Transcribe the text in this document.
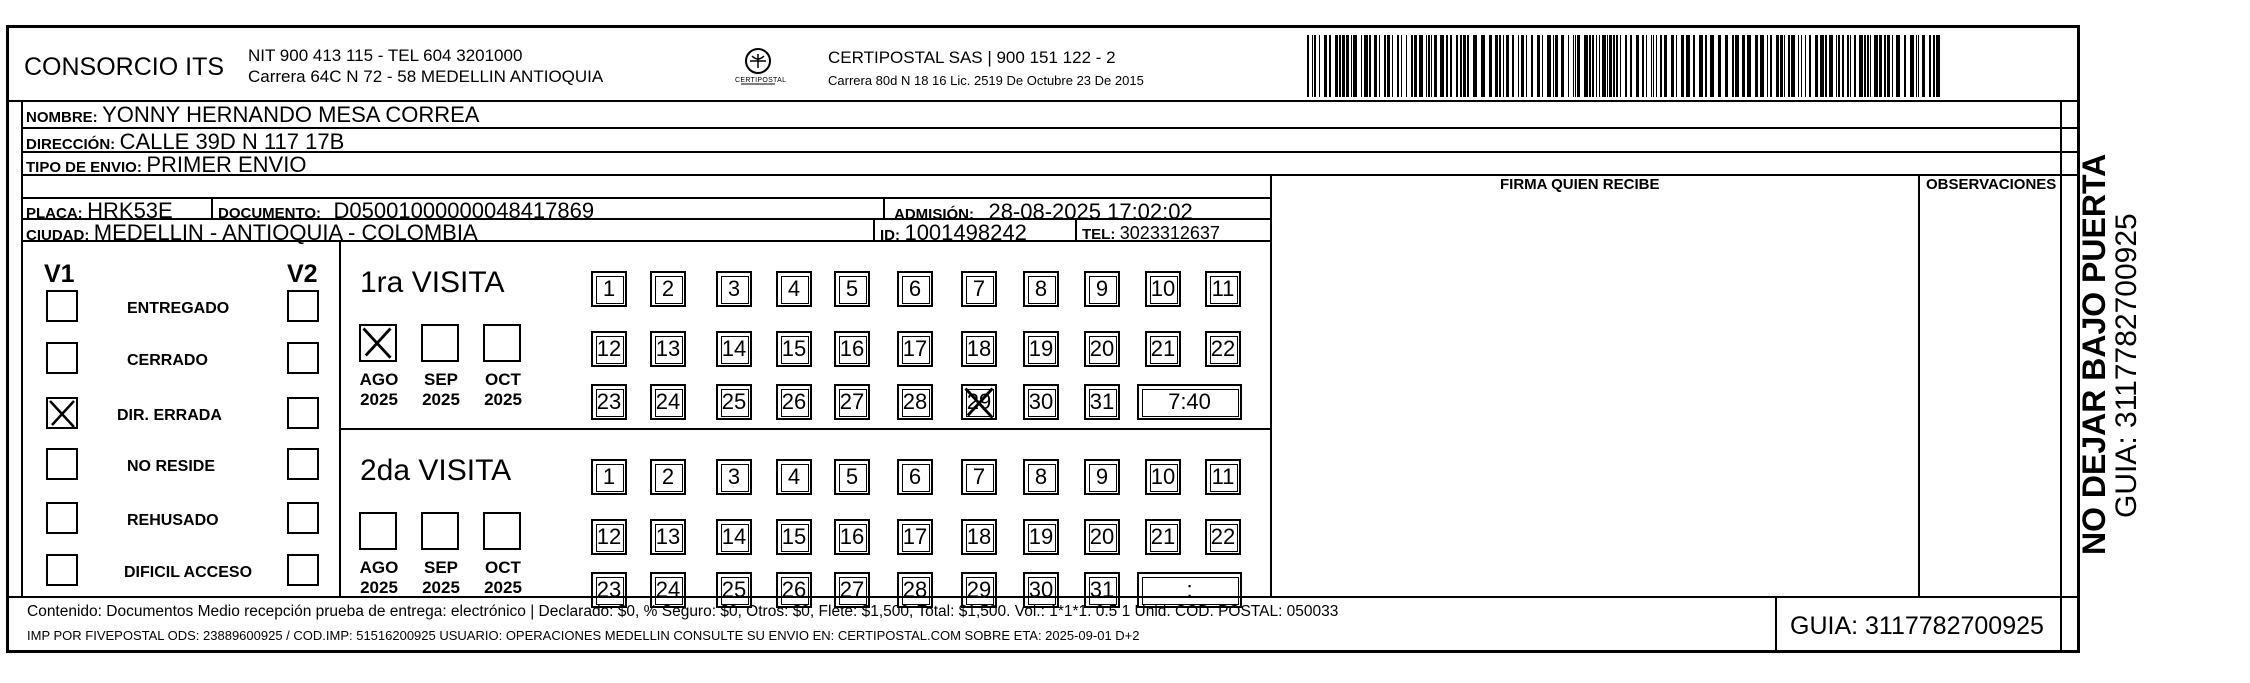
CONSORCIO ITS NIT 900 413 115 - TEL 604 3201000
Carrera 64C N 72 - 58 MEDELLIN ANTIOQUIA	CERTIPOSTAL
CERTIPOSTAL SAS | 900 151 122 - 2
Carrera 80d N 18 16 Lic. 2519 De Octubre 23 De 2015
NOMBRE: YONNY HERNANDO MESA CORREA
DIRECCIÓN: CALLE 39D N 117 17B
TIPO DE ENVIO: PRIMER ENVIO
FIRMA QUIEN RECIBE	OBSERVACIONES
PLACA: HRK53E	DOCUMENTO: D05001000000048417869	ADMISIÓN: 28-08-2025 17:02:02
CIUDAD: MEDELLIN - ANTIOQUIA - COLOMBIA	ID: 1001498242	TEL: 3023312637
V1	V2
ENTREGADO
CERRADO
DIR. ERRADA
NO RESIDE
REHUSADO
DIFICIL ACCESO
1ra VISITA
AGO
2025
SEP
2025
OCT
2025
1	2	3	4	5	6	7	8	9	10 11
12 13 14 15 16 17 18 19 20 21 22
23 24 25 26 27 28 29 30 31	7:40
2da VISITA
AGO
2025
SEP
2025
OCT
2025
1	2	3	4	5	6	7	8	9	10 11
12 13 14 15 16 17 18 19 20 21 22
23 24 25 26 27 28 29 30 31	:
Contenido: Documentos Medio recepción prueba de entrega: electrónico | Declarado: $0, % Seguro: $0, Otros: $0, Flete: $1,500, Total: $1,500. Vol.: 1*1*1. 0.5 1 Unid. COD. POSTAL: 050033
IMP POR FIVEPOSTAL ODS: 23889600925 / COD.IMP: 51516200925 USUARIO: OPERACIONES MEDELLIN CONSULTE SU ENVIO EN: CERTIPOSTAL.COM SOBRE ETA: 2025-09-01 D+2	GUIA: 3117782700925
NO DEJAR BAJO PUERTA
GUIA: 3117782700925
